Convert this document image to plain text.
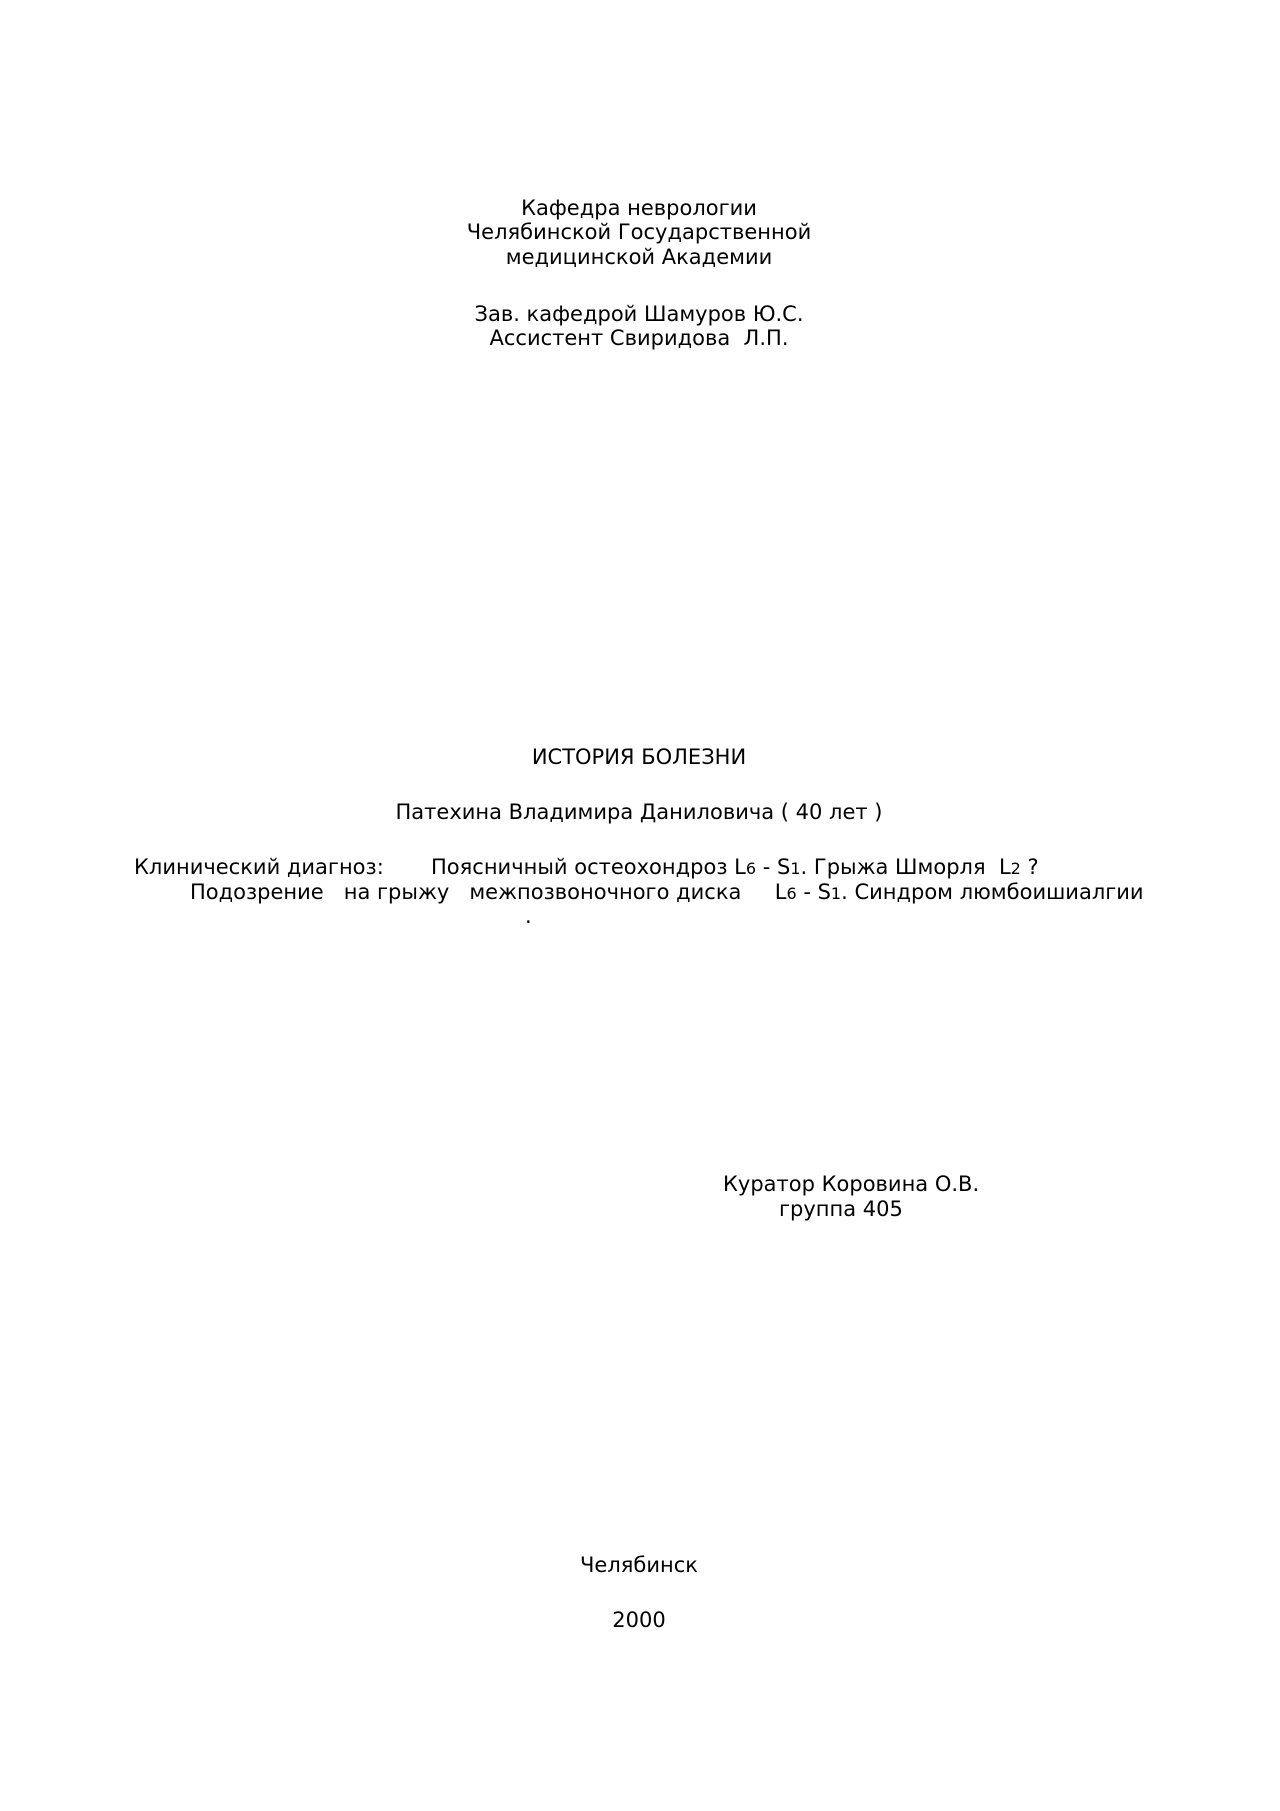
Кафедра неврологии
Челябинской Государственной
медицинской Академии
Зав. кафедрой Шамуров Ю.С.
Ассистент Свиридова  Л.П.
ИСТОРИЯ БОЛЕЗНИ
Патехина Владимира Даниловича ( 40 лет )
Клинический диагноз: Поясничный остеохондроз L6 - S1. Грыжа Шморля  L2 ?
Подозрение   на грыжу   межпозвоночного диска     L6 - S1. Синдром люмбоишиалгии
.
Куратор Коровина О.В.
группа 405
Челябинск
2000
